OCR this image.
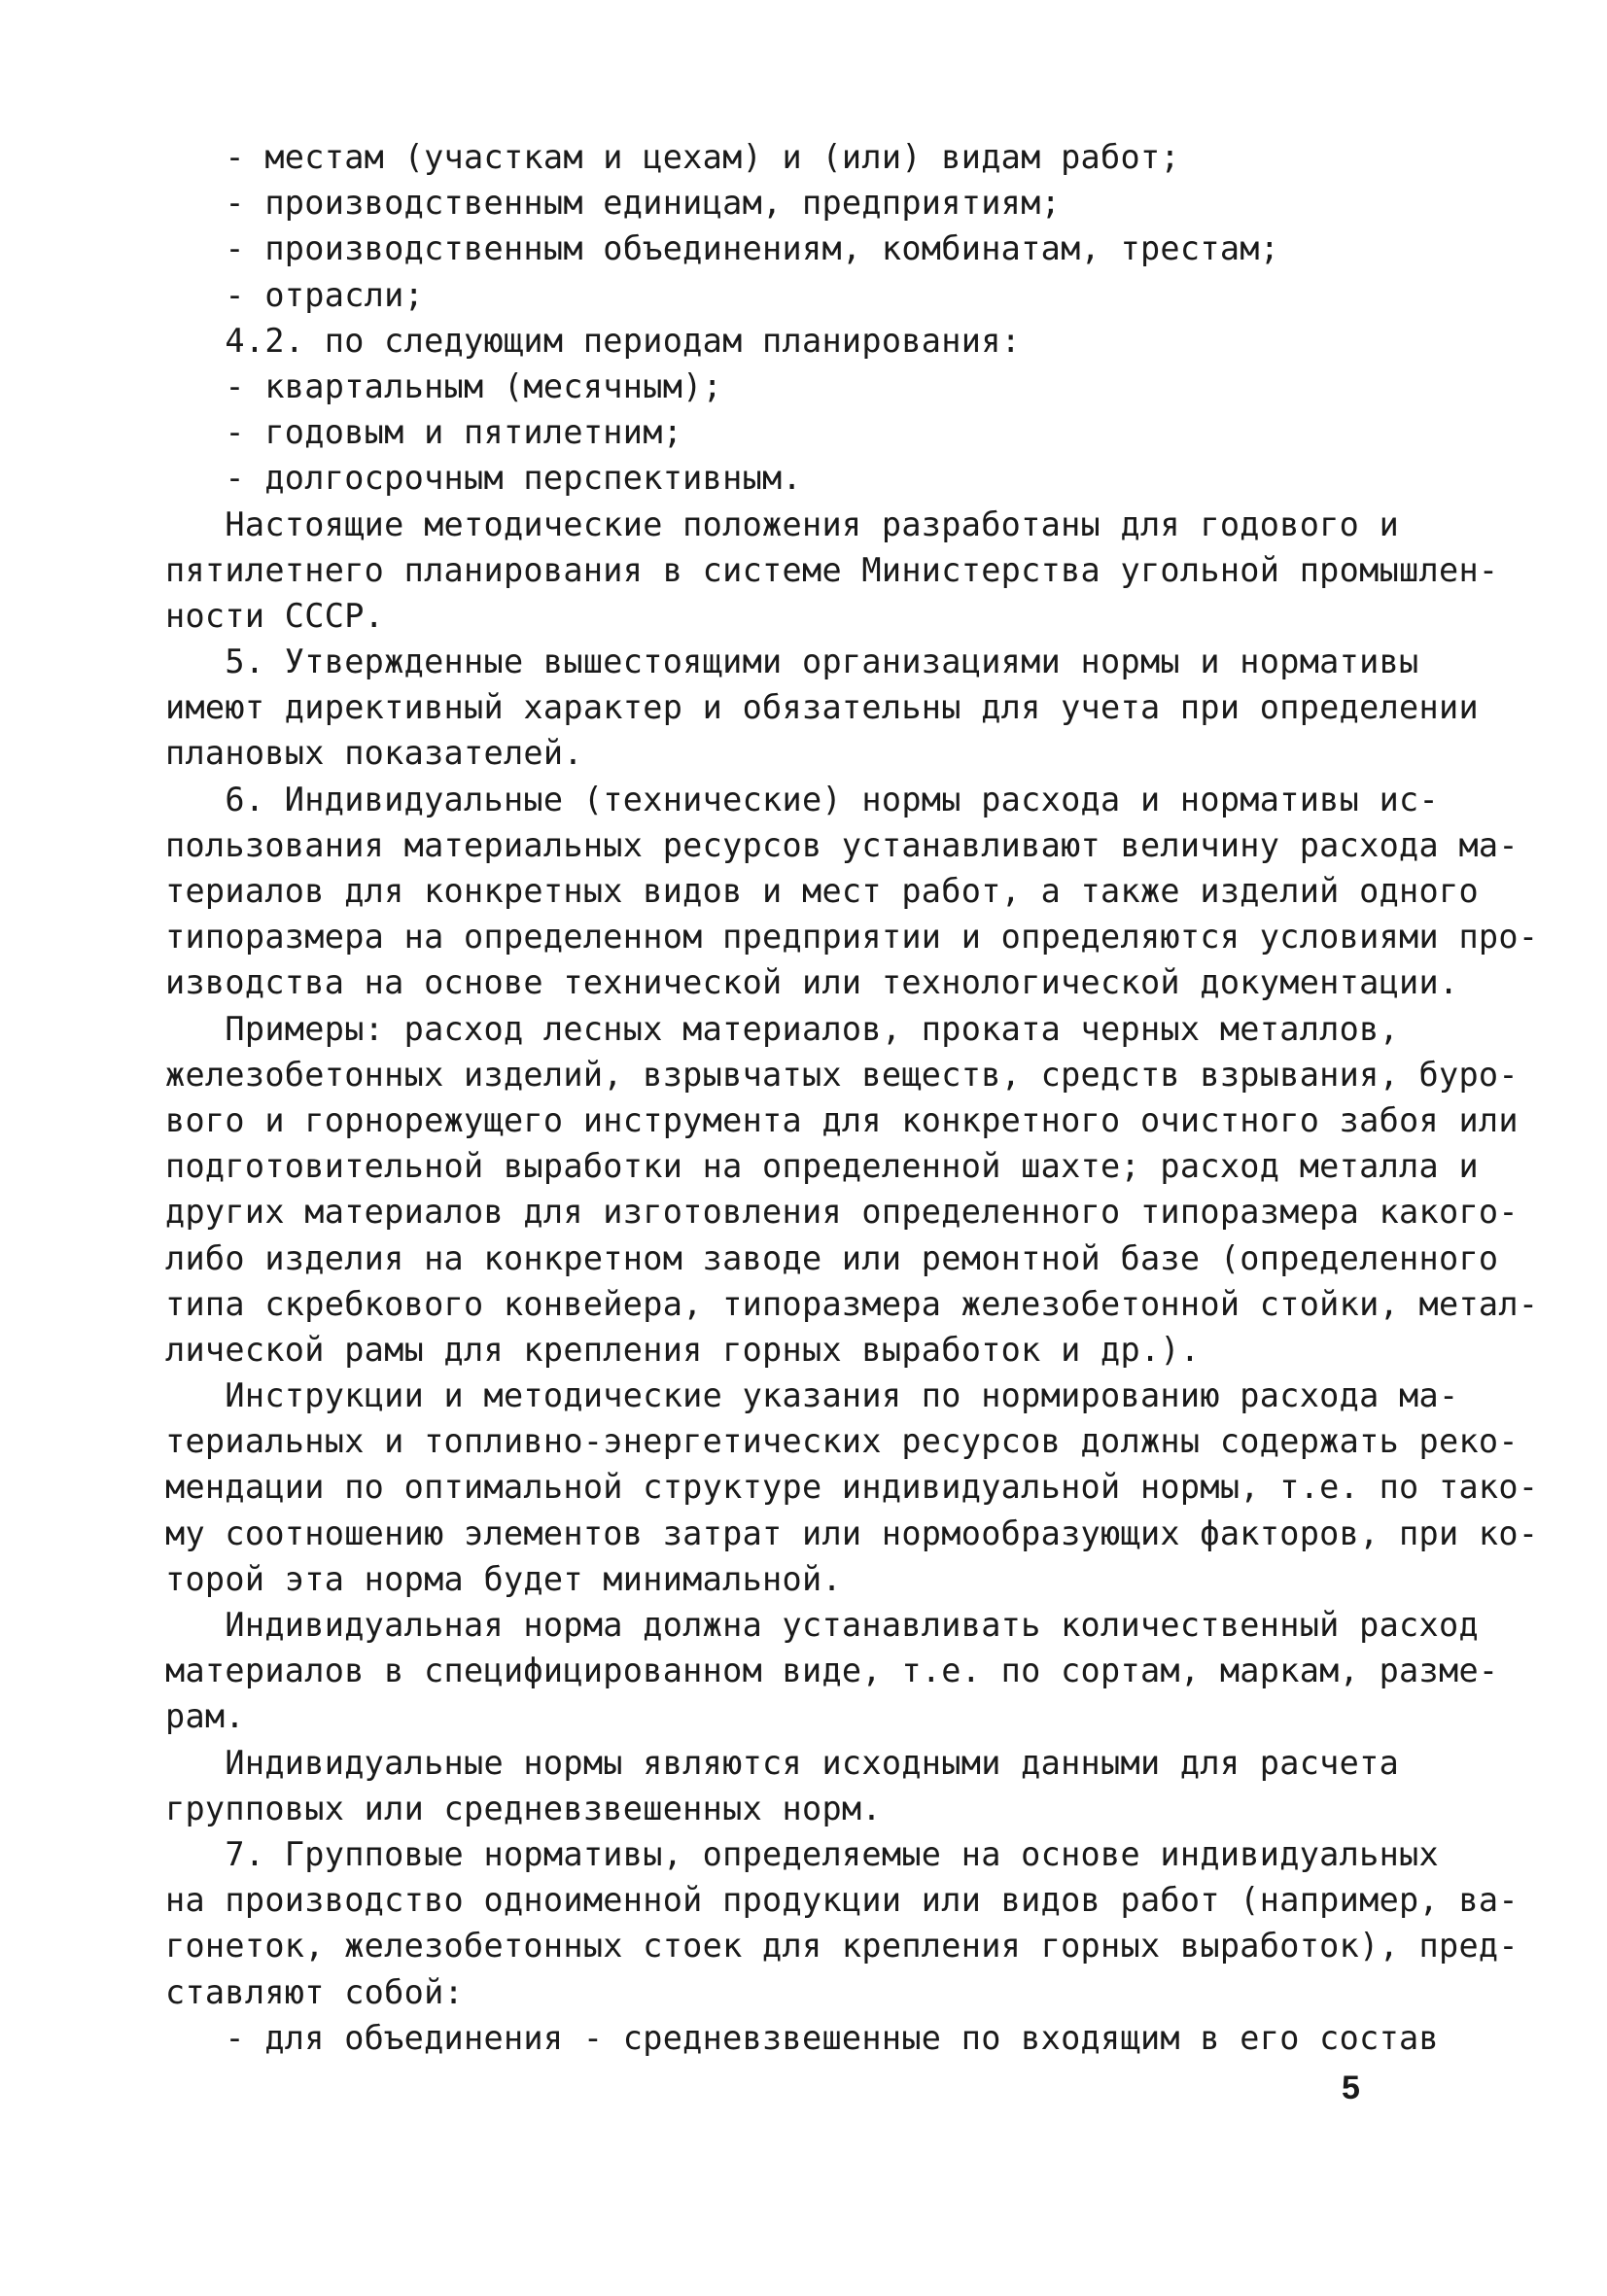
- местам (участкам и цехам) и (или) видам работ;
- производственным единицам, предприятиям;
- производственным объединениям, комбинатам, трестам;
- отрасли;
4.2. по следующим периодам планирования:
- квартальным (месячным);
- годовым и пятилетним;
- долгосрочным перспективным.
Настоящие методические положения разработаны для годового и
пятилетнего планирования в системе Министерства угольной промышлен-
ности СССР.
5. Утвержденные вышестоящими организациями нормы и нормативы
имеют директивный характер и обязательны для учета при определении
плановых показателей.
6. Индивидуальные (технические) нормы расхода и нормативы ис-
пользования материальных ресурсов устанавливают величину расхода ма-
териалов для конкретных видов и мест работ, а также изделий одного
типоразмера на определенном предприятии и определяются условиями про-
изводства на основе технической или технологической документации.
Примеры: расход лесных материалов, проката черных металлов,
железобетонных изделий, взрывчатых веществ, средств взрывания, буро-
вого и горнорежущего инструмента для конкретного очистного забоя или
подготовительной выработки на определенной шахте; расход металла и
других материалов для изготовления определенного типоразмера какого-
либо изделия на конкретном заводе или ремонтной базе (определенного
типа скребкового конвейера, типоразмера железобетонной стойки, метал-
лической рамы для крепления горных выработок и др.).
Инструкции и методические указания по нормированию расхода ма-
териальных и топливно-энергетических ресурсов должны содержать реко-
мендации по оптимальной структуре индивидуальной нормы, т.е. по тако-
му соотношению элементов затрат или нормообразующих факторов, при ко-
торой эта норма будет минимальной.
Индивидуальная норма должна устанавливать количественный расход
материалов в специфицированном виде, т.е. по сортам, маркам, разме-
рам.
Индивидуальные нормы являются исходными данными для расчета
групповых или средневзвешенных норм.
7. Групповые нормативы, определяемые на основе индивидуальных
на производство одноименной продукции или видов работ (например, ва-
гонеток, железобетонных стоек для крепления горных выработок), пред-
ставляют собой:
- для объединения - средневзвешенные по входящим в его состав
5
